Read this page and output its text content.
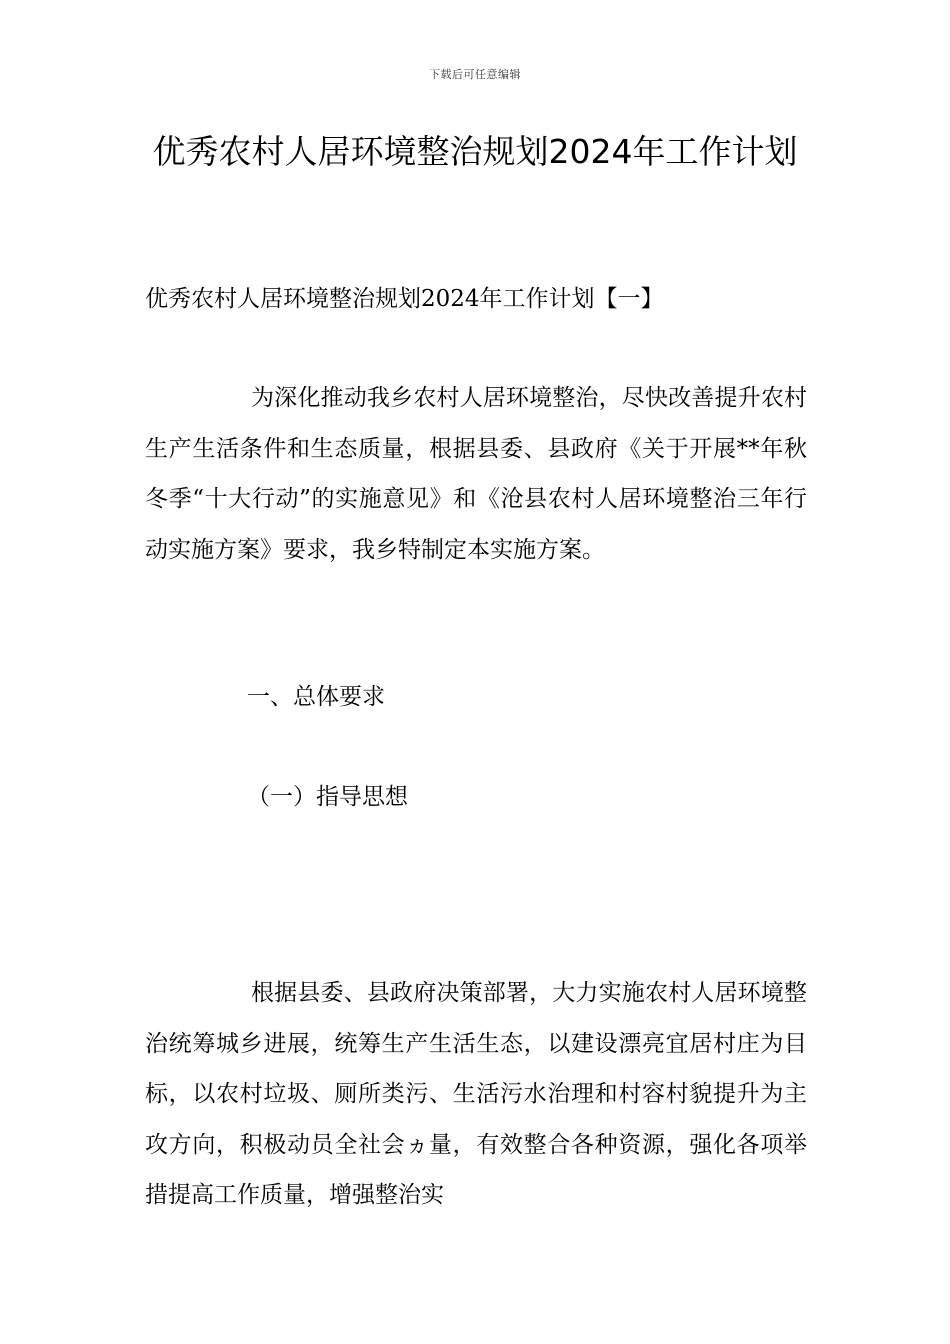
下载后可任意编辑
优秀农村人居环境整治规划2024年工作计划
优秀农村人居环境整治规划2024年工作计划【一】

为深化推动我乡农村人居环境整治，尽快改善提升农村生产生活条件和生态质量，根据县委、县政府《关于开展**年秋冬季“十大行动”的实施意见》和《沧县农村人居环境整治三年行动实施方案》要求，我乡特制定本实施方案。

一、总体要求
（一）指导思想

根据县委、县政府决策部署，大力实施农村人居环境整治统筹城乡进展，统筹生产生活生态，以建设漂亮宜居村庄为目标，以农村垃圾、厕所类污、生活污水治理和村容村貌提升为主攻方向，积极动员全社会ヵ量，有效整合各种资源，强化各项举措提高工作质量，增强整治实
